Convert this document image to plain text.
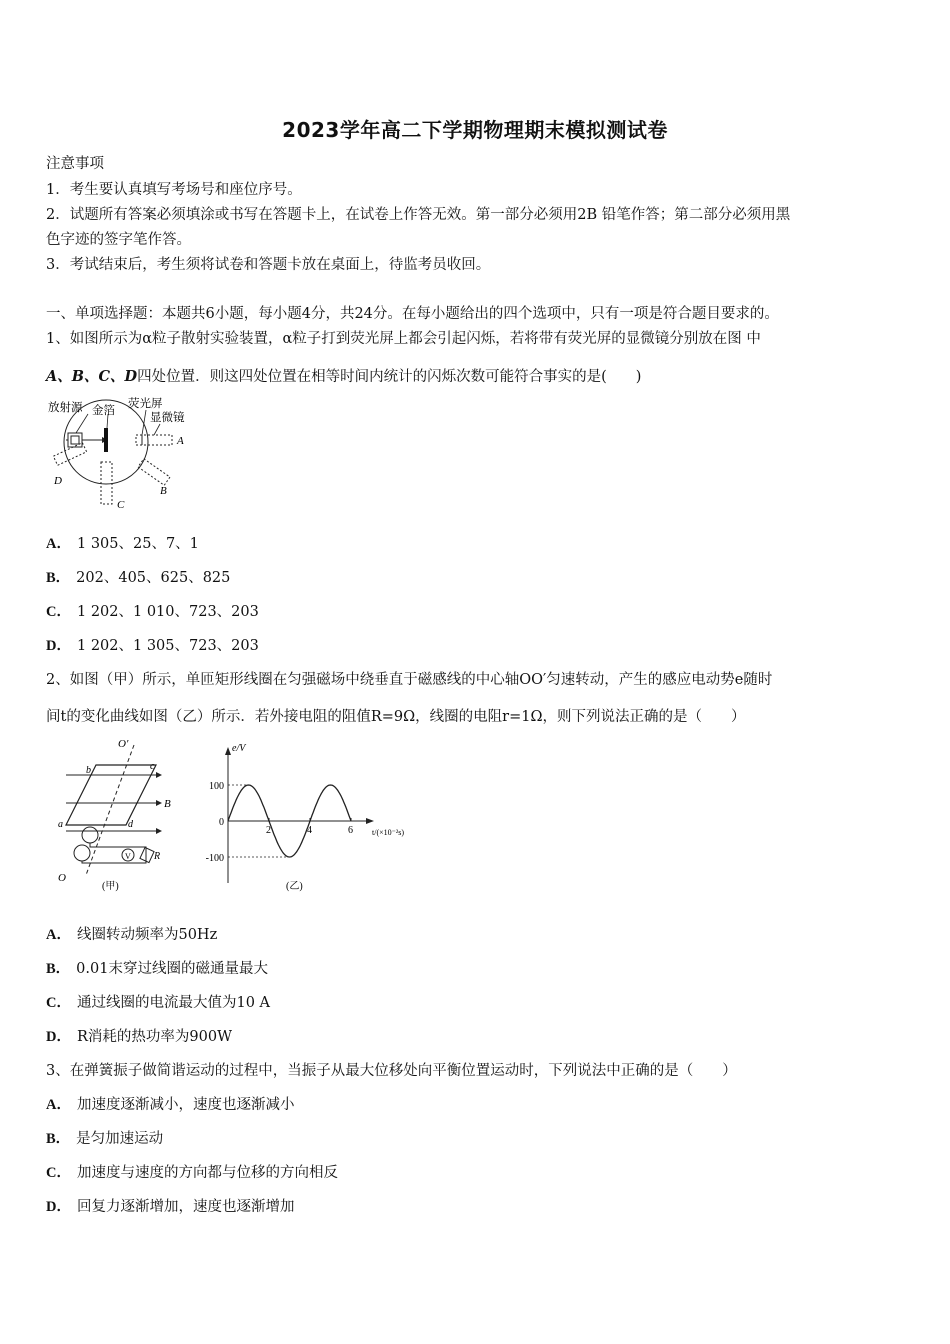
2023学年高二下学期物理期末模拟测试卷
注意事项
1．考生要认真填写考场号和座位序号。
2．试题所有答案必须填涂或书写在答题卡上，在试卷上作答无效。第一部分必须用2B 铅笔作答；第二部分必须用黑
色字迹的签字笔作答。
3．考试结束后，考生须将试卷和答题卡放在桌面上，待监考员收回。
一、单项选择题：本题共6小题，每小题4分，共24分。在每小题给出的四个选项中，只有一项是符合题目要求的。
1、如图所示为α粒子散射实验装置，α粒子打到荧光屏上都会引起闪烁，若将带有荧光屏的显微镜分别放在图 中
A、B、C、D四处位置．则这四处位置在相等时间内统计的闪烁次数可能符合事实的是(　　)
放射源 金箔
荧光屏
显微镜
A
B
C
D
A． 1 305、25、7、1
B． 202、405、625、825
C． 1 202、1 010、723、203
D． 1 202、1 305、723、203
2、如图（甲）所示，单匝矩形线圈在匀强磁场中绕垂直于磁感线的中心轴OO′匀速转动，产生的感应电动势e随时
间t的变化曲线如图（乙）所示．若外接电阻的阻值R=9Ω，线圈的电阻r=1Ω，则下列说法正确的是（　　）
O′
O
a
b	c
d
B
V R
(甲)
e/V
t/(×10⁻²s)
2	4	6
100
0
-100
(乙)
A． 线圈转动频率为50Hz
B． 0.01末穿过线圈的磁通量最大
C． 通过线圈的电流最大值为10 A
D． R消耗的热功率为900W
3、在弹簧振子做简谐运动的过程中，当振子从最大位移处向平衡位置运动时，下列说法中正确的是（　　）
A． 加速度逐渐减小，速度也逐渐减小
B． 是匀加速运动
C． 加速度与速度的方向都与位移的方向相反
D． 回复力逐渐增加，速度也逐渐增加
